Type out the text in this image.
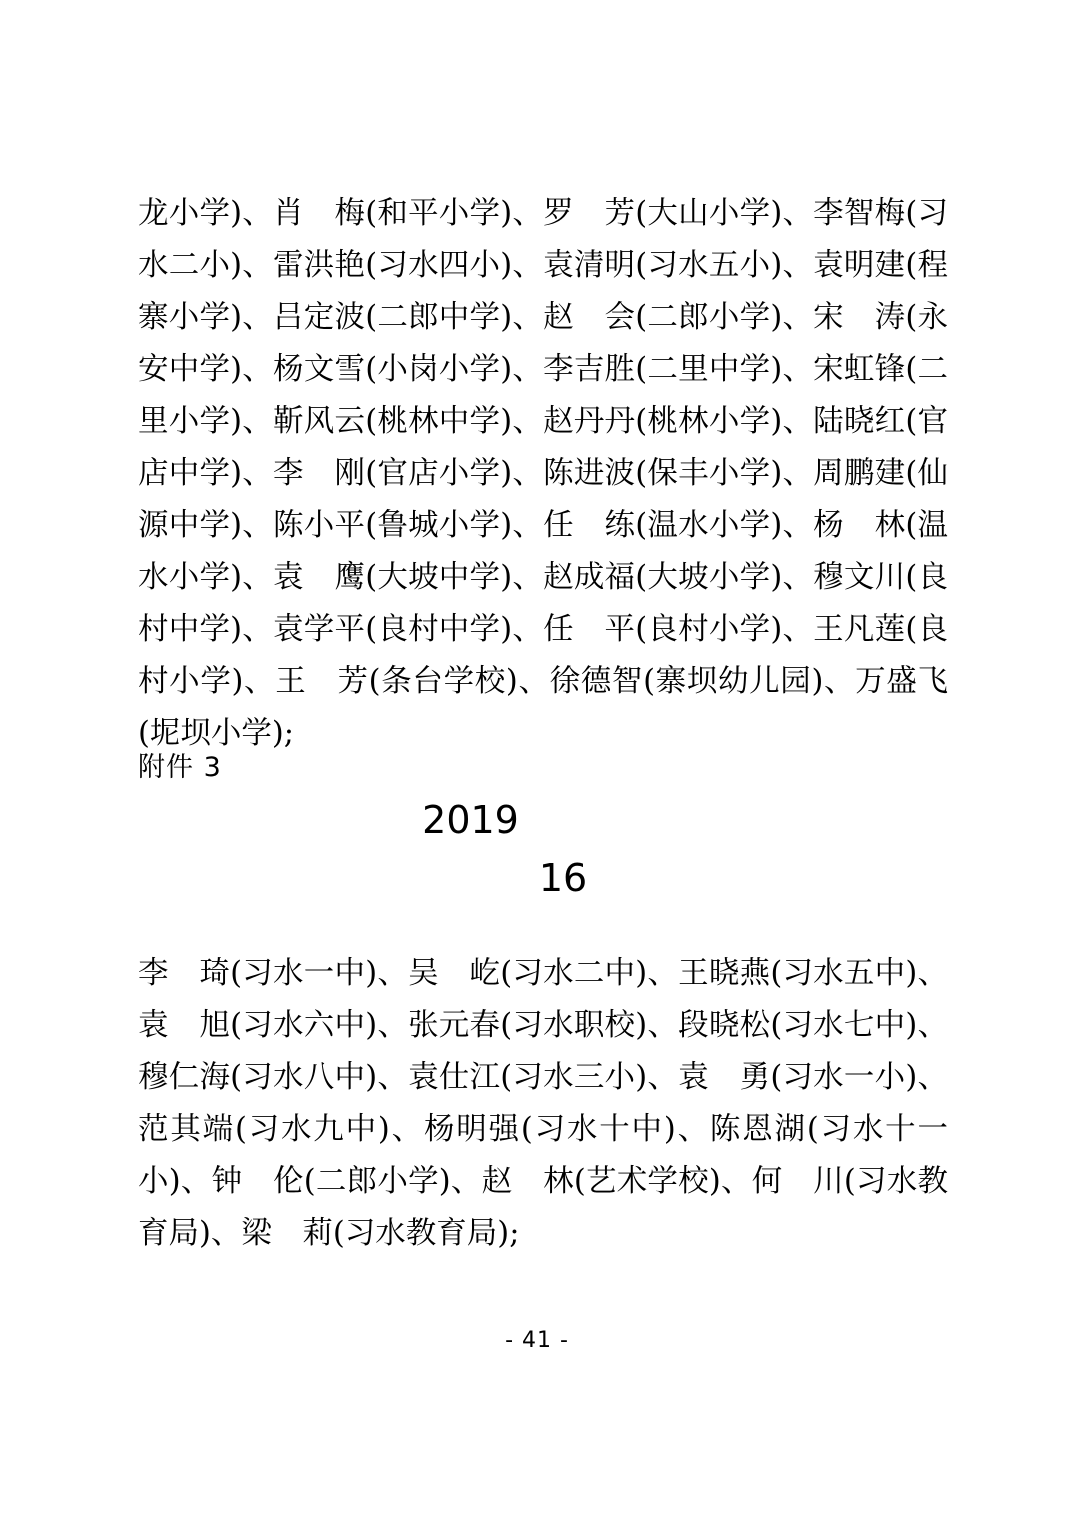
龙小学)、肖　梅(和平小学)、罗　芳(大山小学)、李智梅(习水二小)、雷洪艳(习水四小)、袁清明(习水五小)、袁明建(程寨小学)、吕定波(二郎中学)、赵　会(二郎小学)、宋　涛(永安中学)、杨文雪(小岗小学)、李吉胜(二里中学)、宋虹锋(二里小学)、靳风云(桃林中学)、赵丹丹(桃林小学)、陆晓红(官店中学)、李　刚(官店小学)、陈进波(保丰小学)、周鹏建(仙源中学)、陈小平(鲁城小学)、任　练(温水小学)、杨　林(温水小学)、袁　鹰(大坡中学)、赵成福(大坡小学)、穆文川(良村中学)、袁学平(良村中学)、任　平(良村小学)、王凡莲(良村小学)、王　芳(条台学校)、徐德智(寨坝幼儿园)、万盛飞(坭坝小学);
附件 3
2019
16
李　琦(习水一中)、吴　屹(习水二中)、王晓燕(习水五中)、袁　旭(习水六中)、张元春(习水职校)、段晓松(习水七中)、穆仁海(习水八中)、袁仕江(习水三小)、袁　勇(习水一小)、范其端(习水九中)、杨明强(习水十中)、陈恩湖(习水十一小)、钟　伦(二郎小学)、赵　林(艺术学校)、何　川(习水教育局)、梁　莉(习水教育局);
- 41 -
